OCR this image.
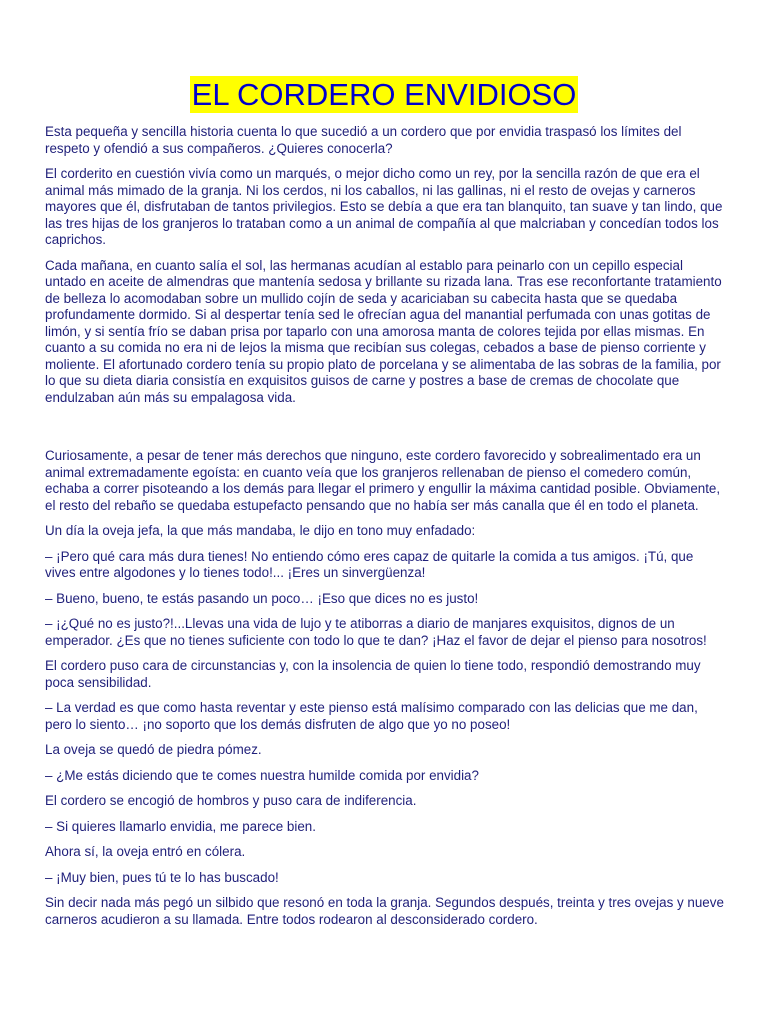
EL CORDERO ENVIDIOSO

Esta pequeña y sencilla historia cuenta lo que sucedió a un cordero que por envidia traspasó los límites del respeto y ofendió a sus compañeros. ¿Quieres conocerla?

El corderito en cuestión vivía como un marqués, o mejor dicho como un rey, por la sencilla razón de que era el animal más mimado de la granja. Ni los cerdos, ni los caballos, ni las gallinas, ni el resto de ovejas y carneros mayores que él, disfrutaban de tantos privilegios. Esto se debía a que era tan blanquito, tan suave y tan lindo, que las tres hijas de los granjeros lo trataban como a un animal de compañía al que malcriaban y concedían todos los caprichos.

Cada mañana, en cuanto salía el sol, las hermanas acudían al establo para peinarlo con un cepillo especial untado en aceite de almendras que mantenía sedosa y brillante su rizada lana. Tras ese reconfortante tratamiento de belleza lo acomodaban sobre un mullido cojín de seda y acariciaban su cabecita hasta que se quedaba profundamente dormido. Si al despertar tenía sed le ofrecían agua del manantial perfumada con unas gotitas de limón, y si sentía frío se daban prisa por taparlo con una amorosa manta de colores tejida por ellas mismas. En cuanto a su comida no era ni de lejos la misma que recibían sus colegas, cebados a base de pienso corriente y moliente. El afortunado cordero tenía su propio plato de porcelana y se alimentaba de las sobras de la familia, por lo que su dieta diaria consistía en exquisitos guisos de carne y postres a base de cremas de chocolate que endulzaban aún más su empalagosa vida.

Curiosamente, a pesar de tener más derechos que ninguno, este cordero favorecido y sobrealimentado era un animal extremadamente egoísta: en cuanto veía que los granjeros rellenaban de pienso el comedero común, echaba a correr pisoteando a los demás para llegar el primero y engullir la máxima cantidad posible. Obviamente, el resto del rebaño se quedaba estupefacto pensando que no había ser más canalla que él en todo el planeta.

Un día la oveja jefa, la que más mandaba, le dijo en tono muy enfadado:

– ¡Pero qué cara más dura tienes! No entiendo cómo eres capaz de quitarle la comida a tus amigos. ¡Tú, que vives entre algodones y lo tienes todo!... ¡Eres un sinvergüenza!

– Bueno, bueno, te estás pasando un poco… ¡Eso que dices no es justo!

– ¡¿Qué no es justo?!...Llevas una vida de lujo y te atiborras a diario de manjares exquisitos, dignos de un emperador. ¿Es que no tienes suficiente con todo lo que te dan? ¡Haz el favor de dejar el pienso para nosotros!

El cordero puso cara de circunstancias y, con la insolencia de quien lo tiene todo, respondió demostrando muy poca sensibilidad.

– La verdad es que como hasta reventar y este pienso está malísimo comparado con las delicias que me dan, pero lo siento… ¡no soporto que los demás disfruten de algo que yo no poseo!

La oveja se quedó de piedra pómez.

– ¿Me estás diciendo que te comes nuestra humilde comida por envidia?

El cordero se encogió de hombros y puso cara de indiferencia.

– Si quieres llamarlo envidia, me parece bien.

Ahora sí, la oveja entró en cólera.

– ¡Muy bien, pues tú te lo has buscado!

Sin decir nada más pegó un silbido que resonó en toda la granja. Segundos después, treinta y tres ovejas y nueve carneros acudieron a su llamada. Entre todos rodearon al desconsiderado cordero.
